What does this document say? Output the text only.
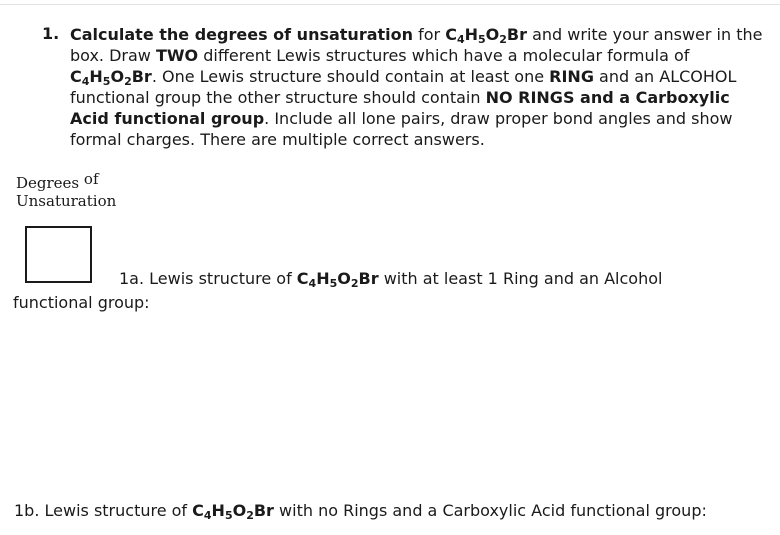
1. Calculate the degrees of unsaturation for $C_4H_5O_2Br$ and write your answer in the box. Draw TWO different Lewis structures which have a molecular formula of $C_4H_5O_2Br$. One Lewis structure should contain at least one RING and an ALCOHOL functional group the other structure should contain NO RINGS and a Carboxylic Acid functional group. Include all lone pairs, draw proper bond angles and show formal charges. There are multiple correct answers.
Degrees of
Unsaturation
1a. Lewis structure of $C_4H_5O_2Br$ with at least 1 Ring and an Alcohol
functional group:
1b. Lewis structure of $C_4H_5O_2Br$ with no Rings and a Carboxylic Acid functional group:
